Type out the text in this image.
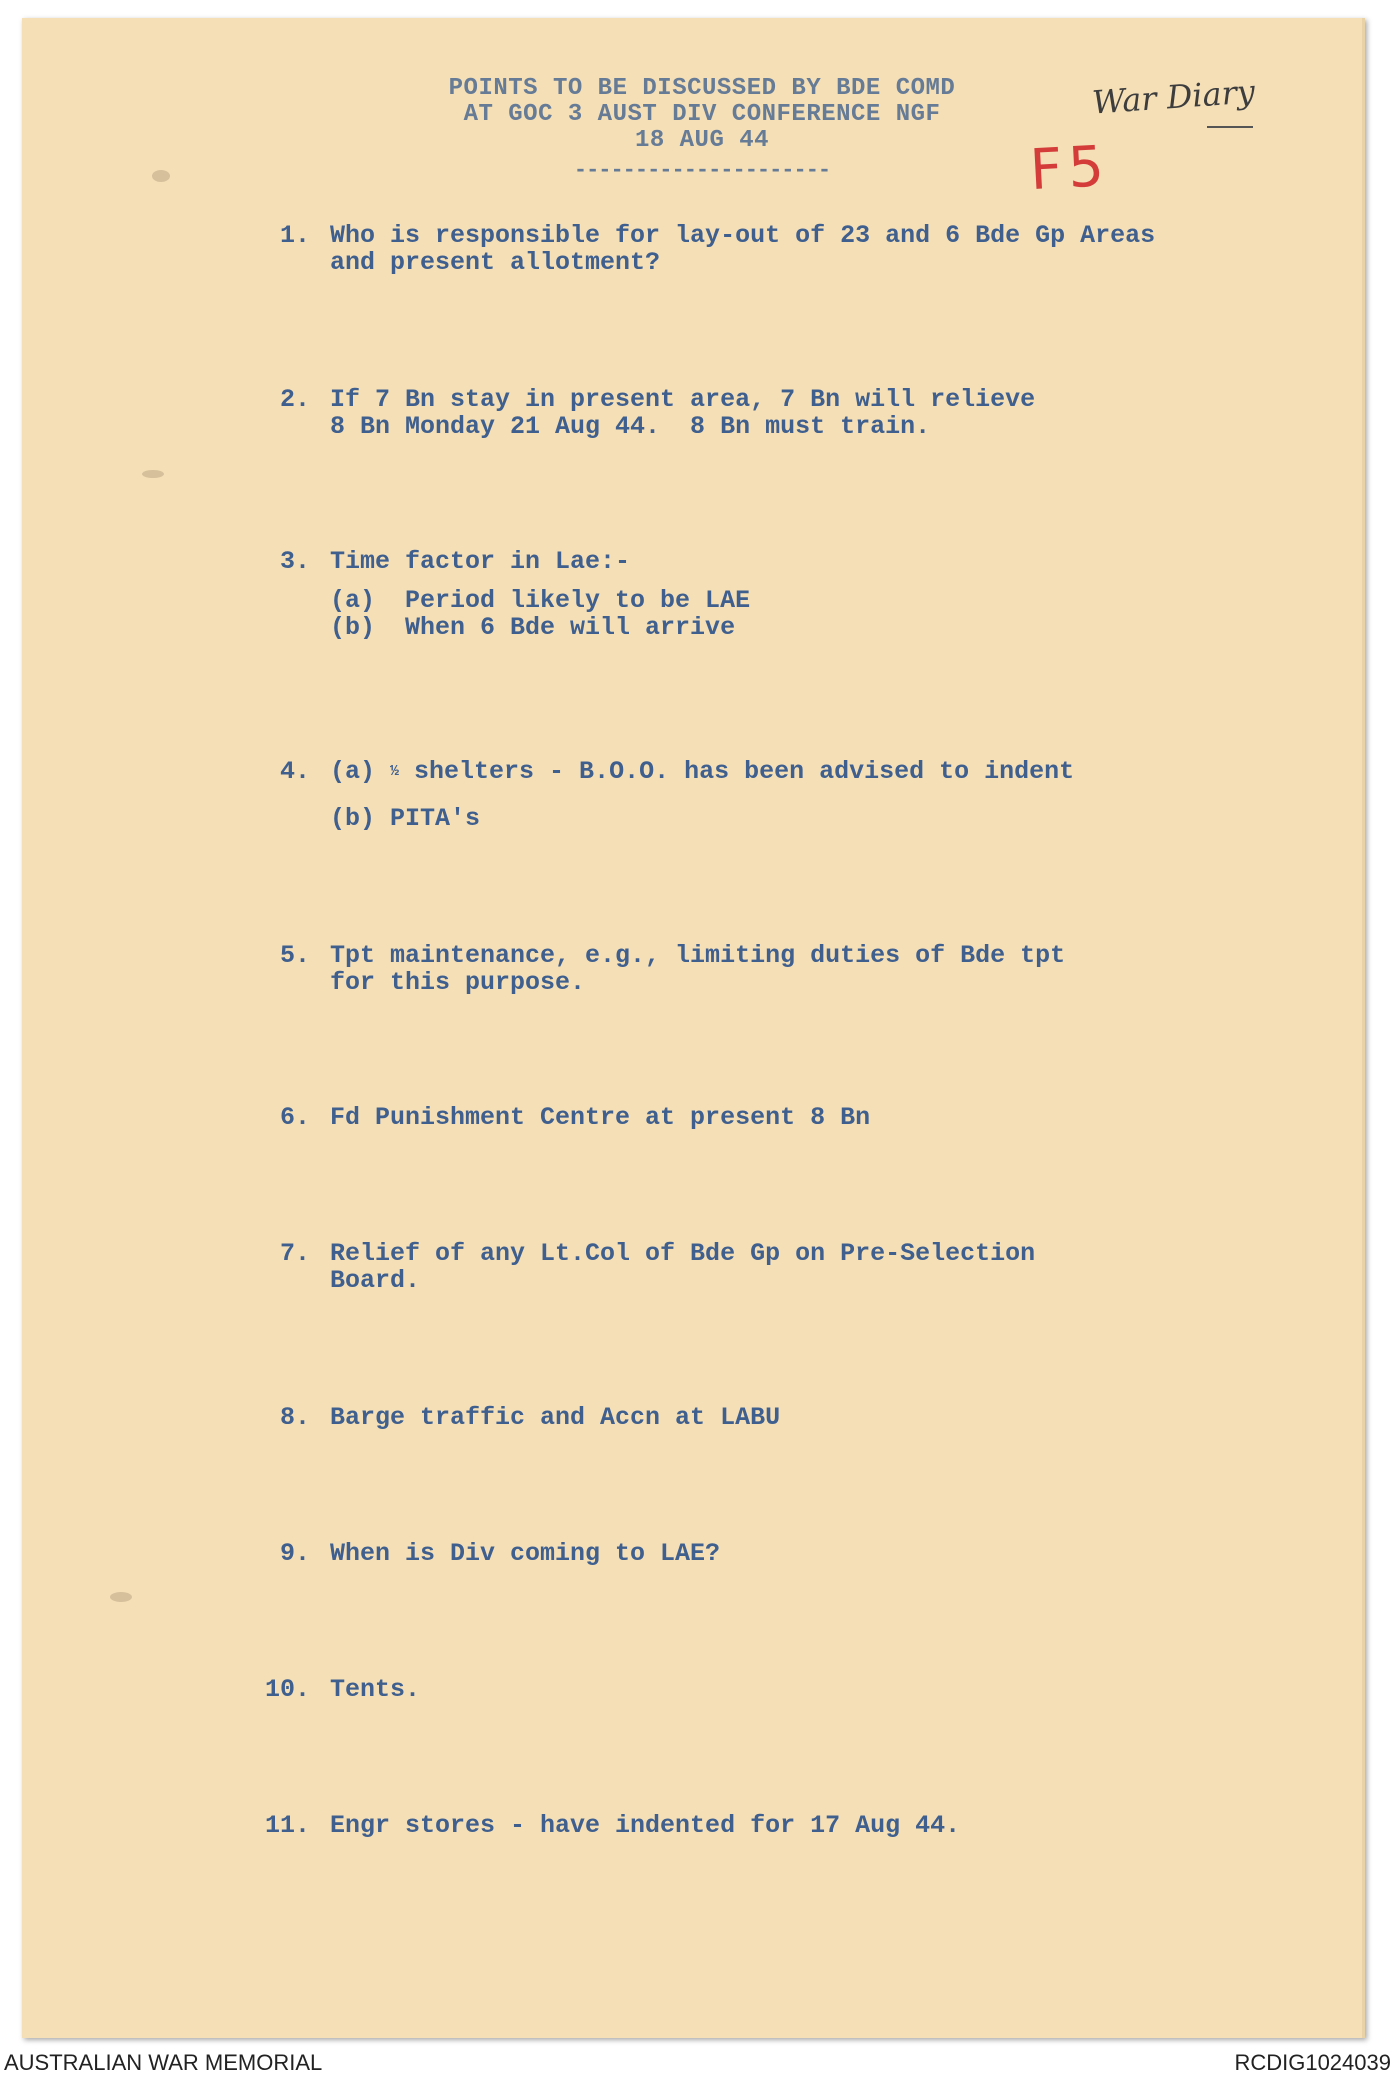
POINTS TO BE DISCUSSED BY BDE COMD
AT GOC 3 AUST DIV CONFERENCE NGF
18 AUG 44
---------------------
War Diary
F5
1. Who is responsible for lay-out of 23 and 6 Bde Gp Areas
and present allotment?
2. If 7 Bn stay in present area, 7 Bn will relieve
8 Bn Monday 21 Aug 44.  8 Bn must train.
3. Time factor in Lae:-
(a)  Period likely to be LAE
(b)  When 6 Bde will arrive
4. (a) ½ shelters - B.O.O. has been advised to indent
(b) PITA's
5. Tpt maintenance, e.g., limiting duties of Bde tpt
for this purpose.
6. Fd Punishment Centre at present 8 Bn
7. Relief of any Lt.Col of Bde Gp on Pre-Selection
Board.
8. Barge traffic and Accn at LABU
9. When is Div coming to LAE?
10. Tents.
11. Engr stores - have indented for 17 Aug 44.
AUSTRALIAN WAR MEMORIAL	RCDIG1024039
